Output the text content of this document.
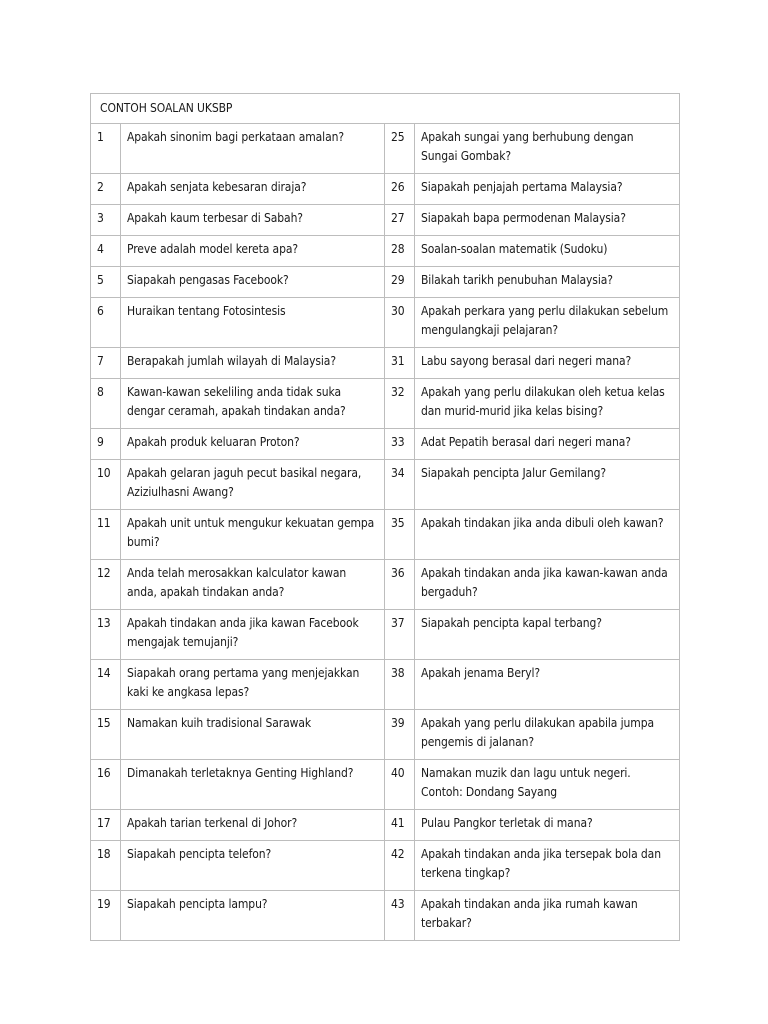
CONTOH SOALAN UKSBP			
1	Apakah sinonim bagi perkataan amalan?	25	Apakah sungai yang berhubung dengan Sungai Gombak?
2	Apakah senjata kebesaran diraja?	26	Siapakah penjajah pertama Malaysia?
3	Apakah kaum terbesar di Sabah?	27	Siapakah bapa permodenan Malaysia?
4	Preve adalah model kereta apa?	28	Soalan-soalan matematik (Sudoku)
5	Siapakah pengasas Facebook?	29	Bilakah tarikh penubuhan Malaysia?
6	Huraikan tentang Fotosintesis	30	Apakah perkara yang perlu dilakukan sebelum mengulangkaji pelajaran?
7	Berapakah jumlah wilayah di Malaysia?	31	Labu sayong berasal dari negeri mana?
8	Kawan-kawan sekeliling anda tidak suka dengar ceramah, apakah tindakan anda?	32	Apakah yang perlu dilakukan oleh ketua kelas dan murid-murid jika kelas bising?
9	Apakah produk keluaran Proton?	33	Adat Pepatih berasal dari negeri mana?
10	Apakah gelaran jaguh pecut basikal negara, Aziziulhasni Awang?	34	Siapakah pencipta Jalur Gemilang?
11	Apakah unit untuk mengukur kekuatan gempa bumi?	35	Apakah tindakan jika anda dibuli oleh kawan?
12	Anda telah merosakkan kalculator kawan anda, apakah tindakan anda?	36	Apakah tindakan anda jika kawan-kawan anda bergaduh?
13	Apakah tindakan anda jika kawan Facebook mengajak temujanji?	37	Siapakah pencipta kapal terbang?
14	Siapakah orang pertama yang menjejakkan kaki ke angkasa lepas?	38	Apakah jenama Beryl?
15	Namakan kuih tradisional Sarawak	39	Apakah yang perlu dilakukan apabila jumpa pengemis di jalanan?
16	Dimanakah terletaknya Genting Highland?	40	Namakan muzik dan lagu untuk negeri. Contoh: Dondang Sayang
17	Apakah tarian terkenal di Johor?	41	Pulau Pangkor terletak di mana?
18	Siapakah pencipta telefon?	42	Apakah tindakan anda jika tersepak bola dan terkena tingkap?
19	Siapakah pencipta lampu?	43	Apakah tindakan anda jika rumah kawan terbakar?
